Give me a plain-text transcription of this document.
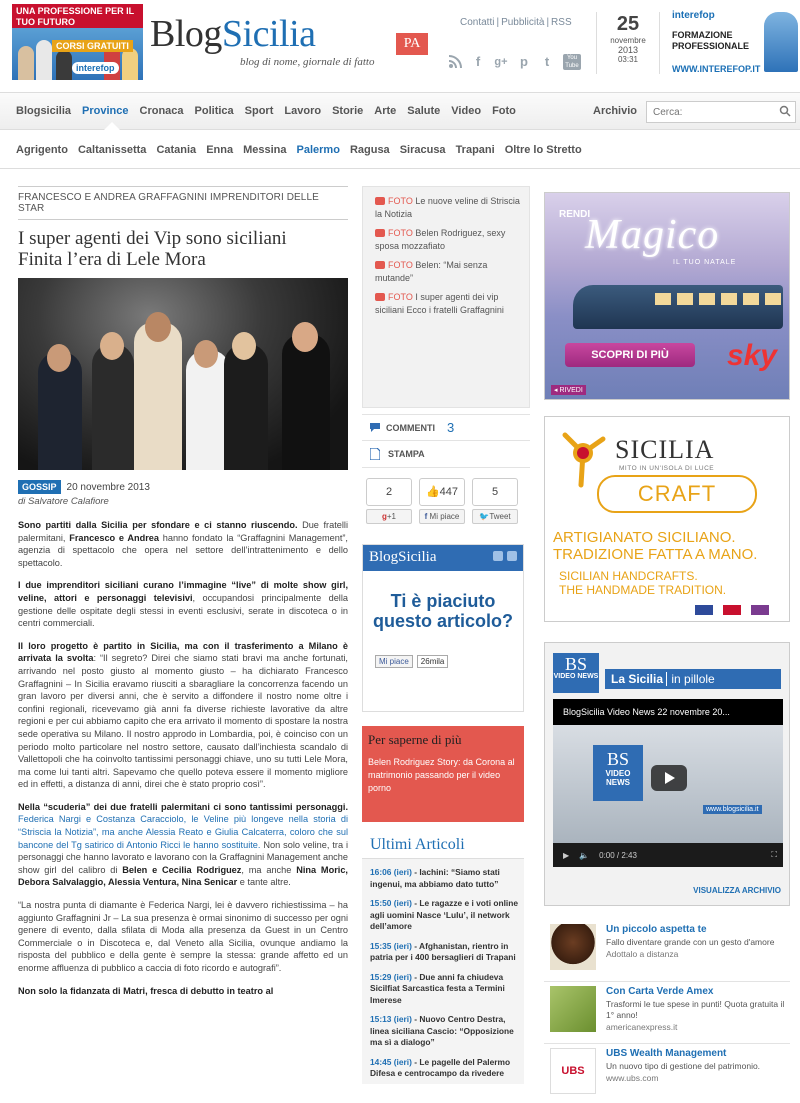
UNA PROFESSIONE PER IL TUO FUTURO
CORSI GRATUITI
interefop
BlogSicilia
blog di nome, giornale di fatto
PA
Contatti | Pubblicità | RSS
f	g+ p	t	You
Tube
25
novembre
2013
03:31
interefop
FORMAZIONE
PROFESSIONALE
WWW.INTEREFOP.IT
Blogsicilia Province Cronaca Politica Sport Lavoro Storie Arte Salute Video Foto	Archivio
Cerca:
Agrigento Caltanissetta Catania Enna Messina Palermo Ragusa Siracusa Trapani Oltre lo Stretto
FRANCESCO E ANDREA GRAFFAGNINI IMPRENDITORI DELLE STAR
I super agenti dei Vip sono siciliani
Finita l’era di Lele Mora
GOSSIP	20 novembre 2013
di Salvatore Calafiore

Sono partiti dalla Sicilia per sfondare e ci stanno riuscendo. Due fratelli palermitani, Francesco e Andrea hanno fondato la “Graffagnini Management”, agenzia di spettacolo che opera nel settore dell’intrattenimento e dello spettacolo.

I due imprenditori siciliani curano l’immagine “live” di molte show girl, veline, attori e personaggi televisivi, occupandosi principalmente della gestione delle ospitate degli stessi in eventi esclusivi, serate in discoteca o in centri commerciali.

Il loro progetto è partito in Sicilia, ma con il trasferimento a Milano è arrivata la svolta: “Il segreto? Direi che siamo stati bravi ma anche fortunati, arrivando nel posto giusto al momento giusto – ha dichiarato Francesco Graffagnini – In Sicilia eravamo riusciti a sbaragliare la concorrenza facendo un gran lavoro per diversi anni, che è servito a diffondere il nostro nome oltre i confini regionali, ricevevamo già anni fa diverse richieste lavorative da altre regioni e per cui abbiamo capito che era arrivato il momento di spostare la nostra sede operativa su Milano. Il nostro approdo in Lombardia, poi, è coinciso con un periodo molto particolare nel nostro settore, causato dall’inchiesta scandalo di Vallettopoli che ha coinvolto tantissimi personaggi chiave, uno su tutti Lele Mora, ma come lui tanti altri. Sapevamo che quello poteva essere il momento migliore ed in effetti, a distanza di anni, direi che è stato proprio così”.

Nella “scuderia” dei due fratelli palermitani ci sono tantissimi personaggi. Federica Nargi e Costanza Caracciolo, le Veline più longeve nella storia di “Striscia la Notizia”, ma anche Alessia Reato e Giulia Calcaterra, coloro che sul bancone del Tg satirico di Antonio Ricci le hanno sostituite. Non solo veline, tra i personaggi che hanno lavorato e lavorano con la Graffagnini Management anche show girl del calibro di Belen e Cecilia Rodriguez, ma anche Nina Moric, Debora Salvalaggio, Alessia Ventura, Nina Senicar e tante altre.

“La nostra punta di diamante è Federica Nargi, lei è davvero richiestissima – ha aggiunto Graffagnini Jr – La sua presenza è ormai sinonimo di successo per ogni genere di evento, dalla sfilata di Moda alla presenza da Guest in un Centro Commerciale o in Discoteca e, dal Veneto alla Sicilia, ovunque andiamo la risposta del pubblico e della gente è sempre la stessa: grande affetto ed un enorme affluenza di pubblico a caccia di foto ricordo e autografi”.

Non solo la fidanzata di Matri, fresca di debutto in teatro al

FOTO Le nuove veline di Striscia la Notizia
FOTO Belen Rodriguez, sexy sposa mozzafiato
FOTO Belen: “Mai senza mutande”
FOTO I super agenti dei vip siciliani Ecco i fratelli Graffagnini
COMMENTI 3
STAMPA
2
g+1
👍447
f Mi piace
5
🐦Tweet
BlogSicilia
Ti è piaciuto questo articolo?
Mi piace	26mila
Per saperne di più
Belen Rodriguez Story: da Corona al matrimonio passando per il video porno
Ultimi Articoli
16:06 (ieri) - Iachini: “Siamo stati ingenui, ma abbiamo dato tutto”
15:50 (ieri) - Le ragazze e i voti online agli uomini Nasce ‘Lulu’, il network dell’amore
15:35 (ieri) - Afghanistan, rientro in patria per i 400 bersaglieri di Trapani
15:29 (ieri) - Due anni fa chiudeva Sicilfiat Sarcastica festa a Termini Imerese
15:13 (ieri) - Nuovo Centro Destra, linea siciliana Cascio: “Opposizione ma sì a dialogo”
14:45 (ieri) - Le pagelle del Palermo Difesa e centrocampo da rivedere
RENDI
Magico
IL TUO NATALE
SCOPRI DI PIÙ	sky
◂ RIVEDI
SICILIA
MITO IN UN'ISOLA DI LUCE
CRAFT
ARTIGIANATO SICILIANO.
TRADIZIONE FATTA A MANO.
SICILIAN HANDCRAFTS.
THE HANDMADE TRADITION.
BS
VIDEO NEWS	La Sicilia in pillole
BlogSicilia Video News 22 novembre 20...
BS
VIDEO NEWS
www.blogsicilia.it
▶ 🔈 0:00 / 2:43	⛶
VISUALIZZA ARCHIVIO
Un piccolo aspetta te
Fallo diventare grande con un gesto d'amore
Adottalo a distanza
Con Carta Verde Amex
Trasformi le tue spese in punti! Quota gratuita il 1° anno!
americanexpress.it
UBS
UBS Wealth Management
Un nuovo tipo di gestione del patrimonio.
www.ubs.com
